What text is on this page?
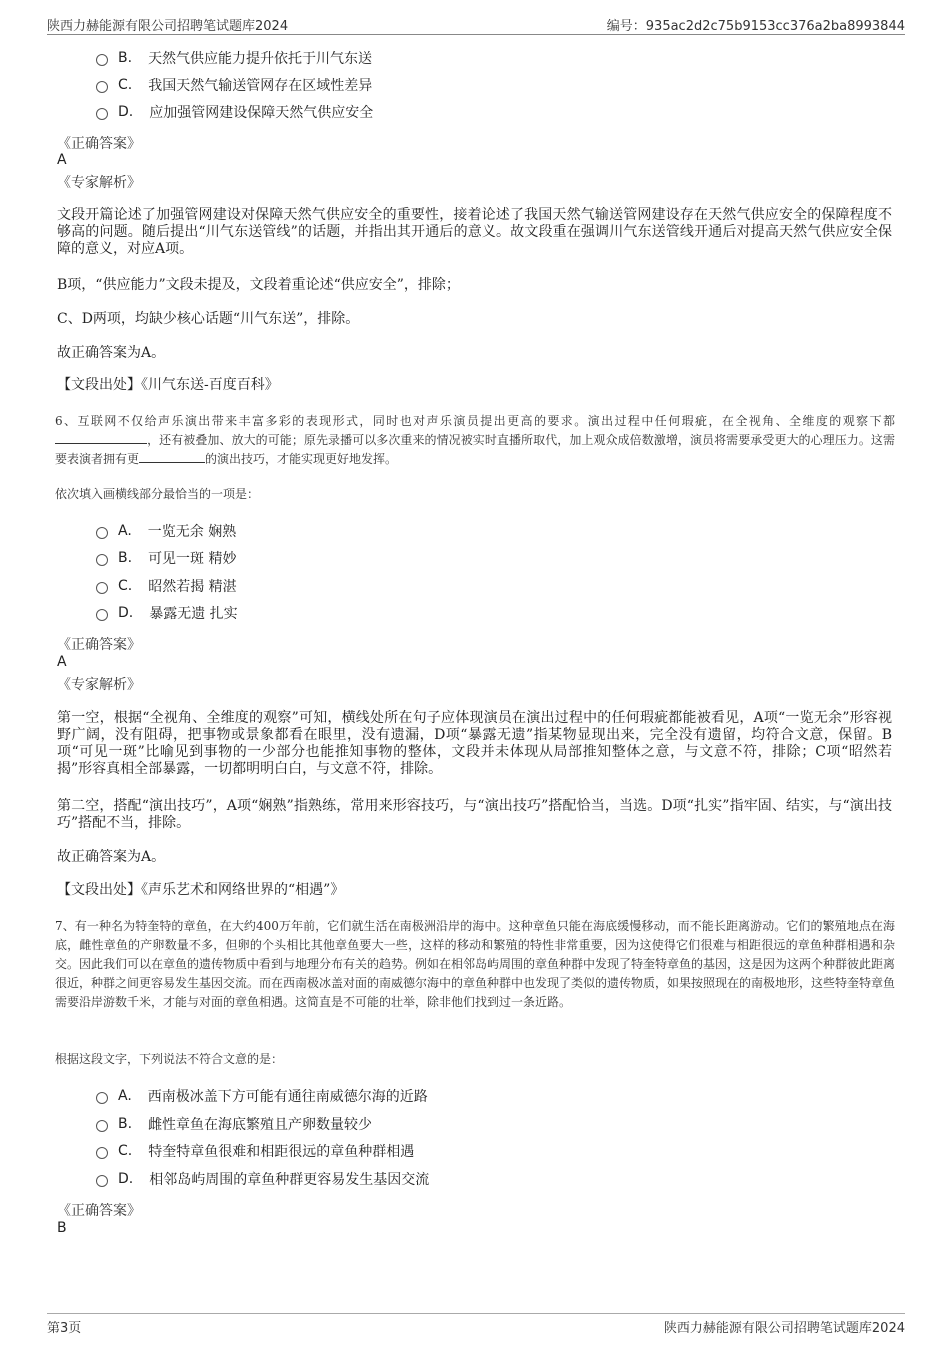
陕西力赫能源有限公司招聘笔试题库2024	编号：935ac2d2c75b9153cc376a2ba8993844
B. 天然气供应能力提升依托于川气东送
C. 我国天然气输送管网存在区域性差异
D. 应加强管网建设保障天然气供应安全
《正确答案》
A
《专家解析》
文段开篇论述了加强管网建设对保障天然气供应安全的重要性，接着论述了我国天然气输送管网建设存在天然气供应安全的保障程度不够高的问题。随后提出“川气东送管线”的话题，并指出其开通后的意义。故文段重在强调川气东送管线开通后对提高天然气供应安全保障的意义，对应A项。
B项，“供应能力”文段未提及，文段着重论述“供应安全”，排除；
C、D两项，均缺少核心话题“川气东送”，排除。
故正确答案为A。
【文段出处】《川气东送-百度百科》
6、互联网不仅给声乐演出带来丰富多彩的表现形式，同时也对声乐演员提出更高的要求。演出过程中任何瑕疵，在全视角、全维度的观察下都，还有被叠加、放大的可能；原先录播可以多次重来的情况被实时直播所取代，加上观众成倍数激增，演员将需要承受更大的心理压力。这需要表演者拥有更	的演出技巧，才能实现更好地发挥。
依次填入画横线部分最恰当的一项是：
A. 一览无余 娴熟
B. 可见一斑 精妙
C. 昭然若揭 精湛
D. 暴露无遗 扎实
《正确答案》
A
《专家解析》
第一空，根据“全视角、全维度的观察”可知，横线处所在句子应体现演员在演出过程中的任何瑕疵都能被看见，A项“一览无余”形容视野广阔，没有阻碍，把事物或景象都看在眼里，没有遗漏，D项“暴露无遗”指某物显现出来，完全没有遗留，均符合文意，保留。B项“可见一斑”比喻见到事物的一少部分也能推知事物的整体，文段并未体现从局部推知整体之意，与文意不符，排除；C项“昭然若揭”形容真相全部暴露，一切都明明白白，与文意不符，排除。
第二空，搭配“演出技巧”，A项“娴熟”指熟练，常用来形容技巧，与“演出技巧”搭配恰当，当选。D项“扎实”指牢固、结实，与“演出技巧”搭配不当，排除。
故正确答案为A。
【文段出处】《声乐艺术和网络世界的“相遇”》
7、有一种名为特奎特的章鱼，在大约400万年前，它们就生活在南极洲沿岸的海中。这种章鱼只能在海底缓慢移动，而不能长距离游动。它们的繁殖地点在海底，雌性章鱼的产卵数量不多，但卵的个头相比其他章鱼要大一些，这样的移动和繁殖的特性非常重要，因为这使得它们很难与相距很远的章鱼种群相遇和杂交。因此我们可以在章鱼的遗传物质中看到与地理分布有关的趋势。例如在相邻岛屿周围的章鱼种群中发现了特奎特章鱼的基因，这是因为这两个种群彼此距离很近，种群之间更容易发生基因交流。而在西南极冰盖对面的南威德尔海中的章鱼种群中也发现了类似的遗传物质，如果按照现在的南极地形，这些特奎特章鱼需要沿岸游数千米，才能与对面的章鱼相遇。这简直是不可能的壮举，除非他们找到过一条近路。
根据这段文字，下列说法不符合文意的是：
A. 西南极冰盖下方可能有通往南威德尔海的近路
B. 雌性章鱼在海底繁殖且产卵数量较少
C. 特奎特章鱼很难和相距很远的章鱼种群相遇
D. 相邻岛屿周围的章鱼种群更容易发生基因交流
《正确答案》
B
第3页	陕西力赫能源有限公司招聘笔试题库2024
